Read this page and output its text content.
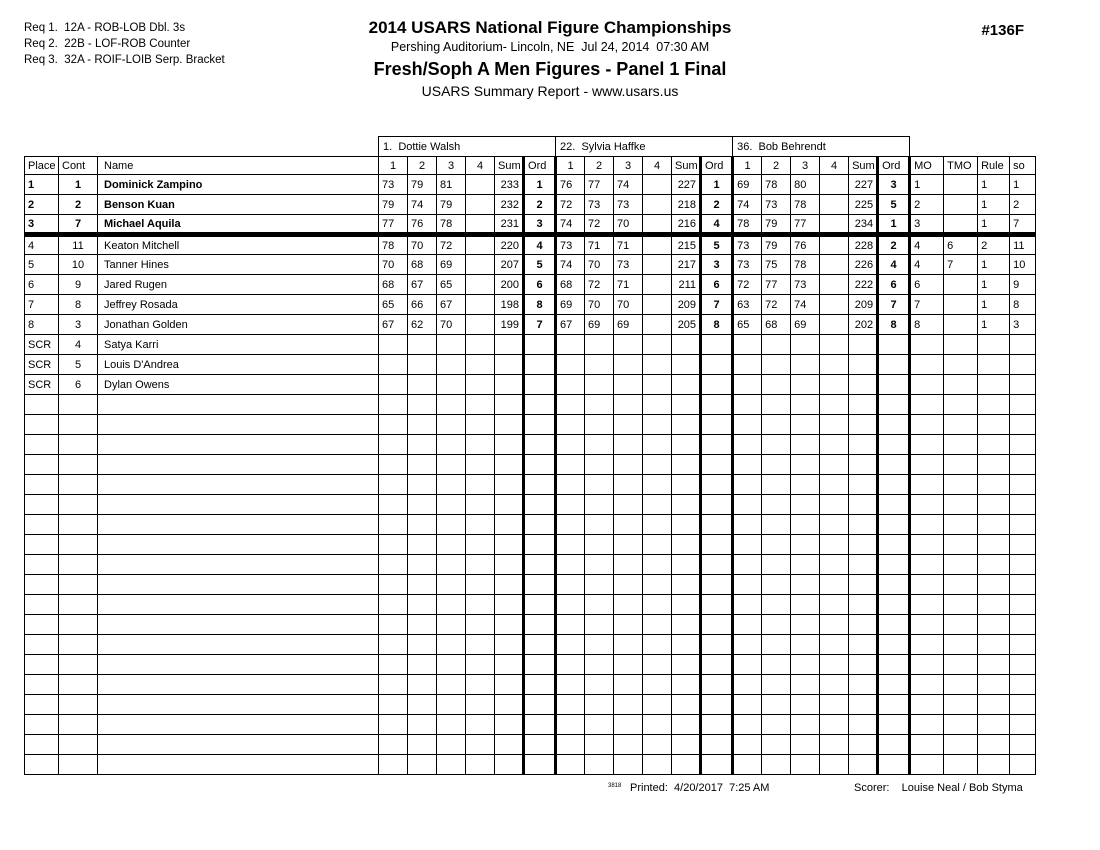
Req 1.  12A - ROB-LOB Dbl. 3s
Req 2.  22B - LOF-ROB Counter
Req 3.  32A - ROIF-LOIB Serp. Bracket
#136F
2014 USARS National Figure Championships
Pershing Auditorium- Lincoln, NE  Jul 24, 2014  07:30 AM
Fresh/Soph A Men Figures - Panel 1 Final
USARS Summary Report - www.usars.us
			1.  Dottie Walsh						22.  Sylvia Haffke						36.  Bob Behrendt									
Place	Cont	Name	1	2	3	4	Sum	Ord	1	2	3	4	Sum	Ord	1	2	3	4	Sum	Ord	MO	TMO	Rule	so
1	1	Dominick Zampino	73	79	81		233	1	76	77	74		227	1	69	78	80		227	3	1		1	1
2	2	Benson Kuan	79	74	79		232	2	72	73	73		218	2	74	73	78		225	5	2		1	2
3	7	Michael Aquila	77	76	78		231	3	74	72	70		216	4	78	79	77		234	1	3		1	7
4	11	Keaton Mitchell	78	70	72		220	4	73	71	71		215	5	73	79	76		228	2	4	6	2	11
5	10	Tanner Hines	70	68	69		207	5	74	70	73		217	3	73	75	78		226	4	4	7	1	10
6	9	Jared Rugen	68	67	65		200	6	68	72	71		211	6	72	77	73		222	6	6		1	9
7	8	Jeffrey Rosada	65	66	67		198	8	69	70	70		209	7	63	72	74		209	7	7		1	8
8	3	Jonathan Golden	67	62	70		199	7	67	69	69		205	8	65	68	69		202	8	8		1	3
SCR	4	Satya Karri																						
SCR	5	Louis D'Andrea																						
SCR	6	Dylan Owens																						

3818 Printed:  4/20/2017  7:25 AM	Scorer:    Louise Neal / Bob Styma
